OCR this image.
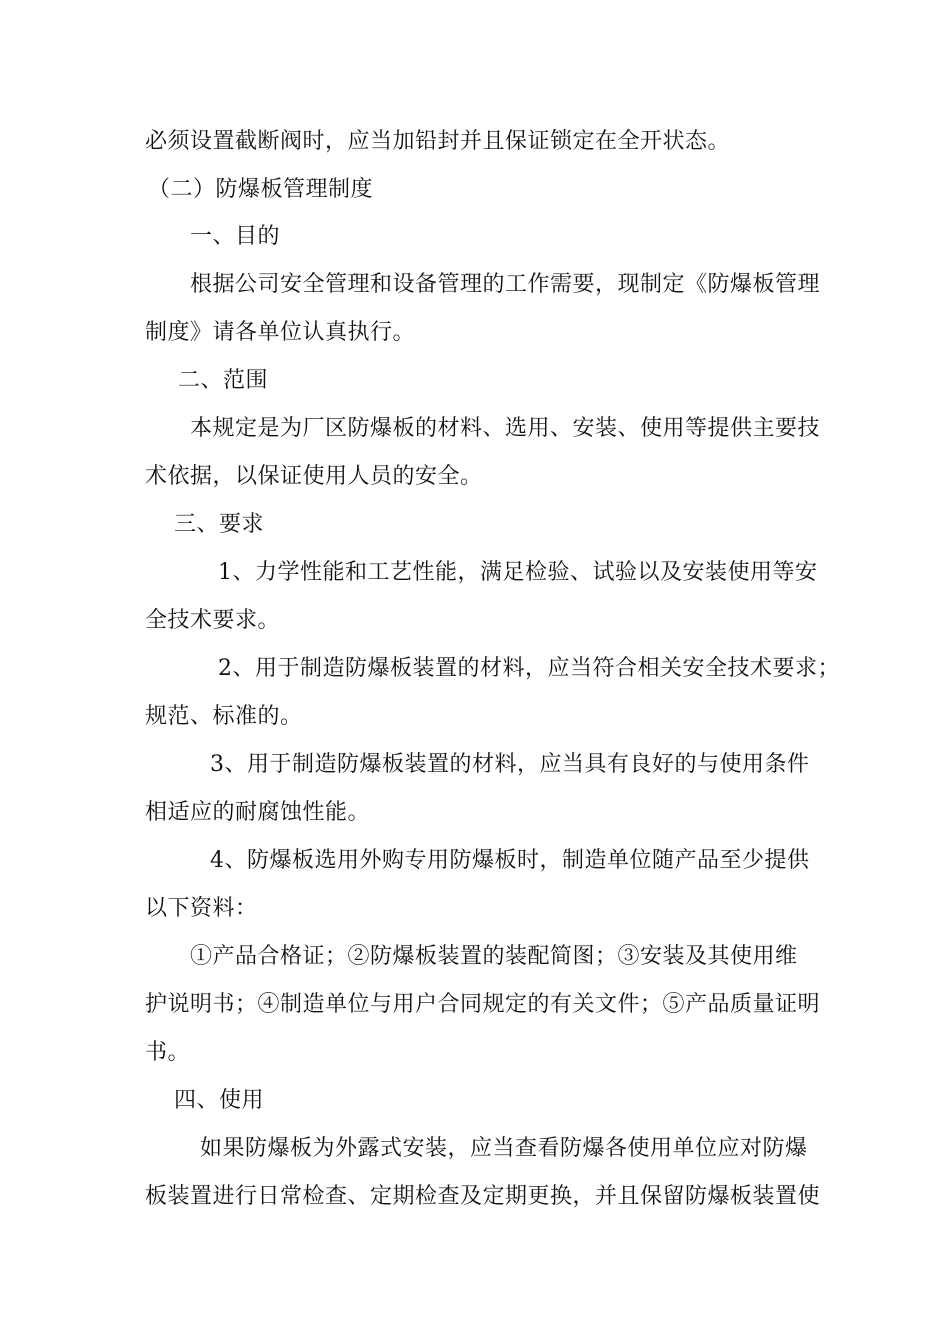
必须设置截断阀时，应当加铅封并且保证锁定在全开状态。
（二）防爆板管理制度
一、目的
根据公司安全管理和设备管理的工作需要，现制定《防爆板管理
制度》请各单位认真执行。
二、范围
本规定是为厂区防爆板的材料、选用、安装、使用等提供主要技
术依据，以保证使用人员的安全。
三、要求
1、力学性能和工艺性能，满足检验、试验以及安装使用等安
全技术要求。
2、用于制造防爆板装置的材料，应当符合相关安全技术要求；
规范、标准的。
3、用于制造防爆板装置的材料，应当具有良好的与使用条件
相适应的耐腐蚀性能。
4、防爆板选用外购专用防爆板时，制造单位随产品至少提供
以下资料：
①产品合格证；②防爆板装置的装配简图；③安装及其使用维
护说明书；④制造单位与用户合同规定的有关文件；⑤产品质量证明
书。
四、使用
如果防爆板为外露式安装，应当查看防爆各使用单位应对防爆
板装置进行日常检查、定期检查及定期更换，并且保留防爆板装置使
